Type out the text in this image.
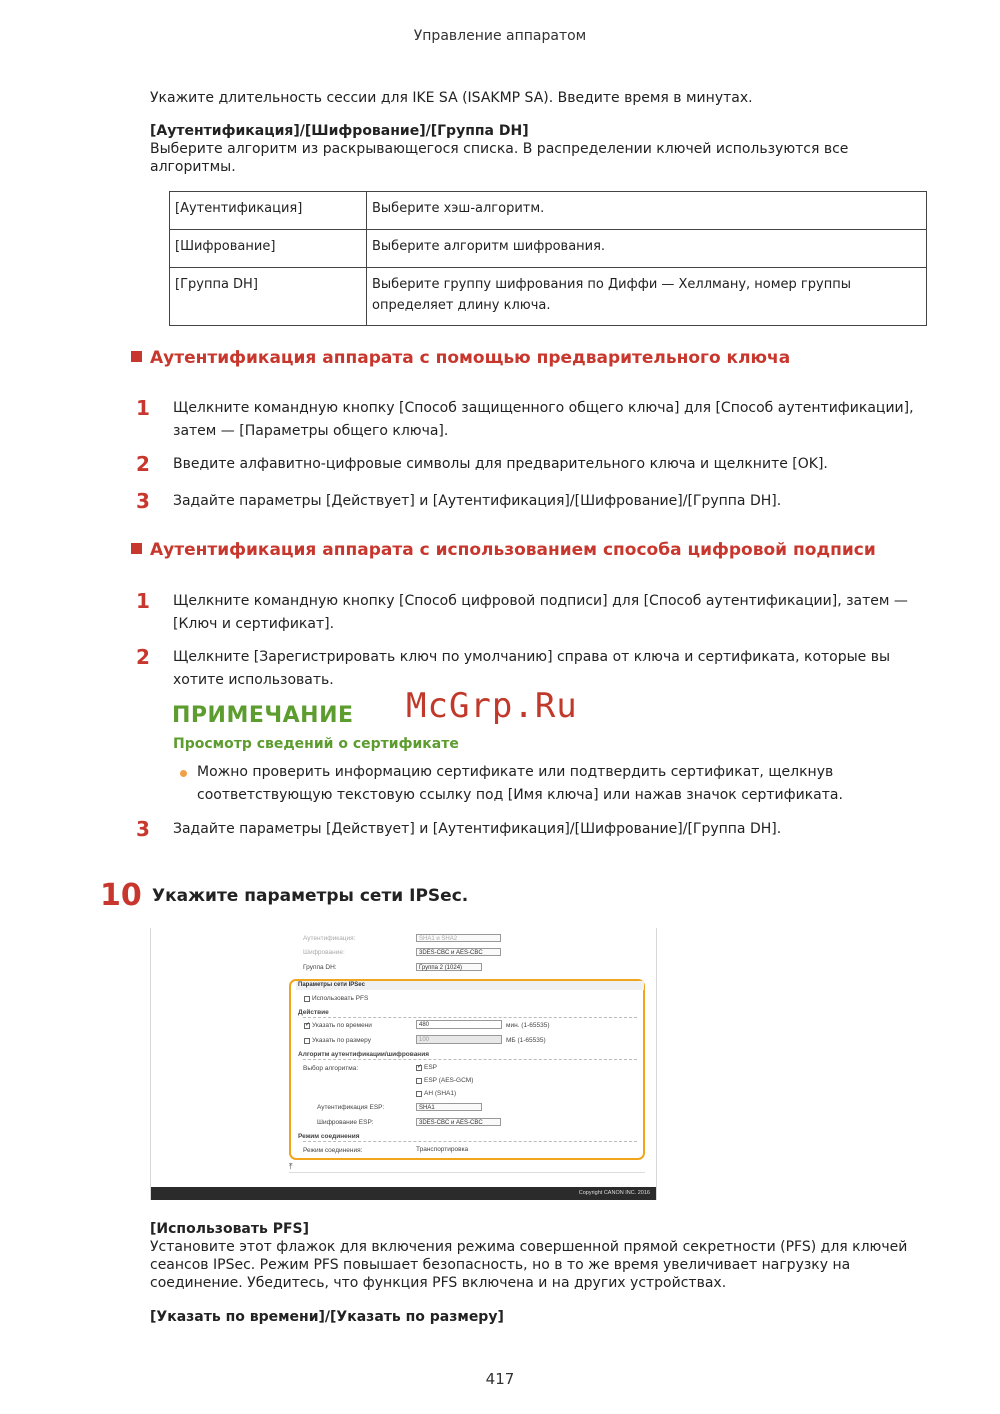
Управление аппаратом
Укажите длительность сессии для IKE SA (ISAKMP SA). Введите время в минутах.
[Аутентификация]/[Шифрование]/[Группа DH]
Выберите алгоритм из раскрывающегося списка. В распределении ключей используются все
алгоритмы.
[Аутентификация]	Выберите хэш-алгоритм.
[Шифрование]	Выберите алгоритм шифрования.
[Группа DH]	Выберите группу шифрования по Диффи — Хеллману, номер группы определяет длину ключа.
Аутентификация аппарата с помощью предварительного ключа
1	Щелкните командную кнопку [Способ защищенного общего ключа] для [Способ аутентификации], затем — [Параметры общего ключа].
2	Введите алфавитно-цифровые символы для предварительного ключа и щелкните [OK].
3	Задайте параметры [Действует] и [Аутентификация]/[Шифрование]/[Группа DH].
Аутентификация аппарата с использованием способа цифровой подписи
1	Щелкните командную кнопку [Способ цифровой подписи] для [Способ аутентификации], затем — [Ключ и сертификат].
2	Щелкните [Зарегистрировать ключ по умолчанию] справа от ключа и сертификата, которые вы хотите использовать.
ПРИМЕЧАНИЕ McGrp.Ru
Просмотр сведений о сертификате
Можно проверить информацию сертификате или подтвердить сертификат, щелкнув соответствующую текстовую ссылку под [Имя ключа] или нажав значок сертификата.
3	Задайте параметры [Действует] и [Аутентификация]/[Шифрование]/[Группа DH].
10 Укажите параметры сети IPSec.
Аутентификация:	SHA1 и SHA2
Шифрование:	3DES-CBC и AES-CBC
Группа DH:	Группа 2 (1024)
Параметры сети IPSec
Использовать PFS
Действие
✓
Указать по времени	480	мин. (1-65535)
Указать по размеру	100	МБ (1-65535)
Алгоритм аутентификации/шифрования
Выбор алгоритма: ✓	ESP
ESP (AES-GCM)
AH (SHA1)
Аутентификация ESP:	SHA1
Шифрование ESP:	3DES-CBC и AES-CBC
Режим соединения
Режим соединения:	Транспортировка
⤒
Copyright CANON INC. 2016
[Использовать PFS]
Установите этот флажок для включения режима совершенной прямой секретности (PFS) для ключей
сеансов IPSec. Режим PFS повышает безопасность, но в то же время увеличивает нагрузку на
соединение. Убедитесь, что функция PFS включена и на других устройствах.
[Указать по времени]/[Указать по размеру]
417
